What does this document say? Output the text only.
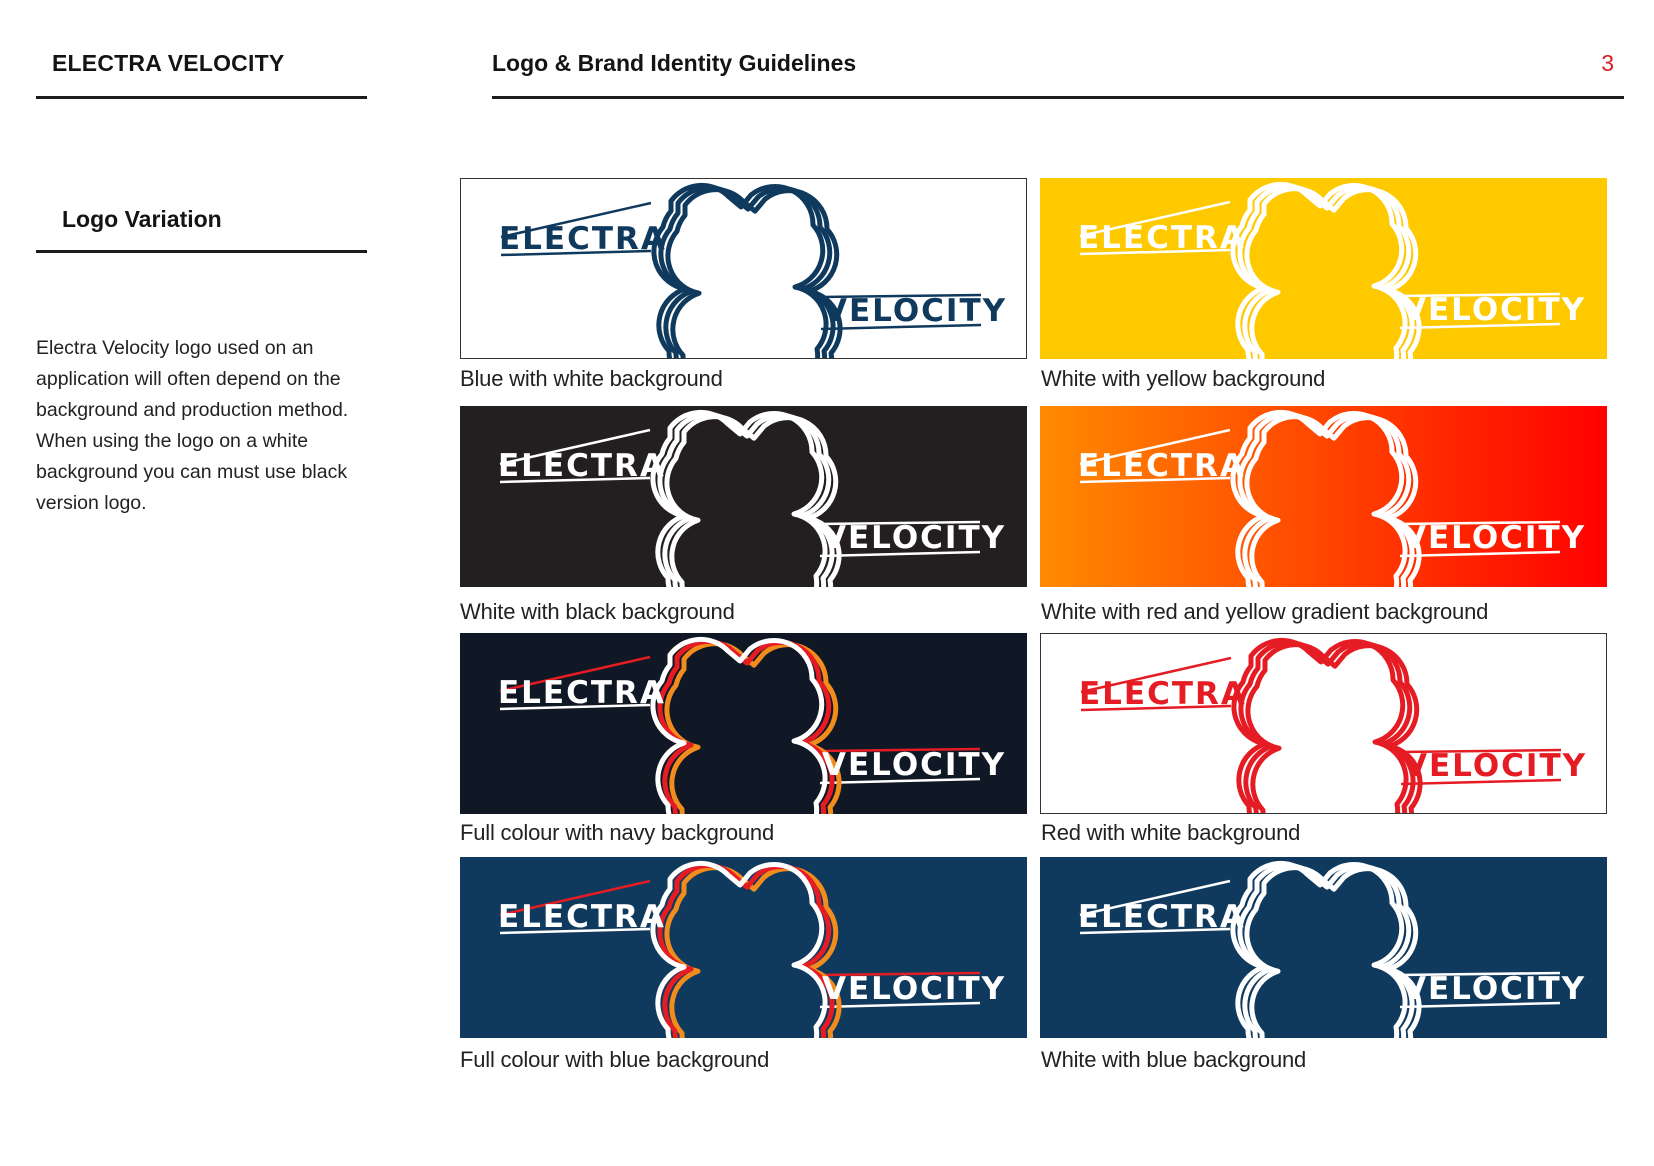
ELECTRA VELOCITY	Logo & Brand Identity Guidelines	3
Logo Variation
Electra Velocity logo used on an application will often depend on the background and production method. When using the logo on a white background you can must use black version logo.
ELECTRA
VELOCITY
Blue with white background
ELECTRA
VELOCITY
White with yellow background
ELECTRA
VELOCITY
White with black background
ELECTRA
VELOCITY
White with red and yellow gradient background
ELECTRA
VELOCITY
Full colour with navy background
ELECTRA
VELOCITY
Red with white background
ELECTRA
VELOCITY
Full colour with blue background
ELECTRA
VELOCITY
White with blue background
